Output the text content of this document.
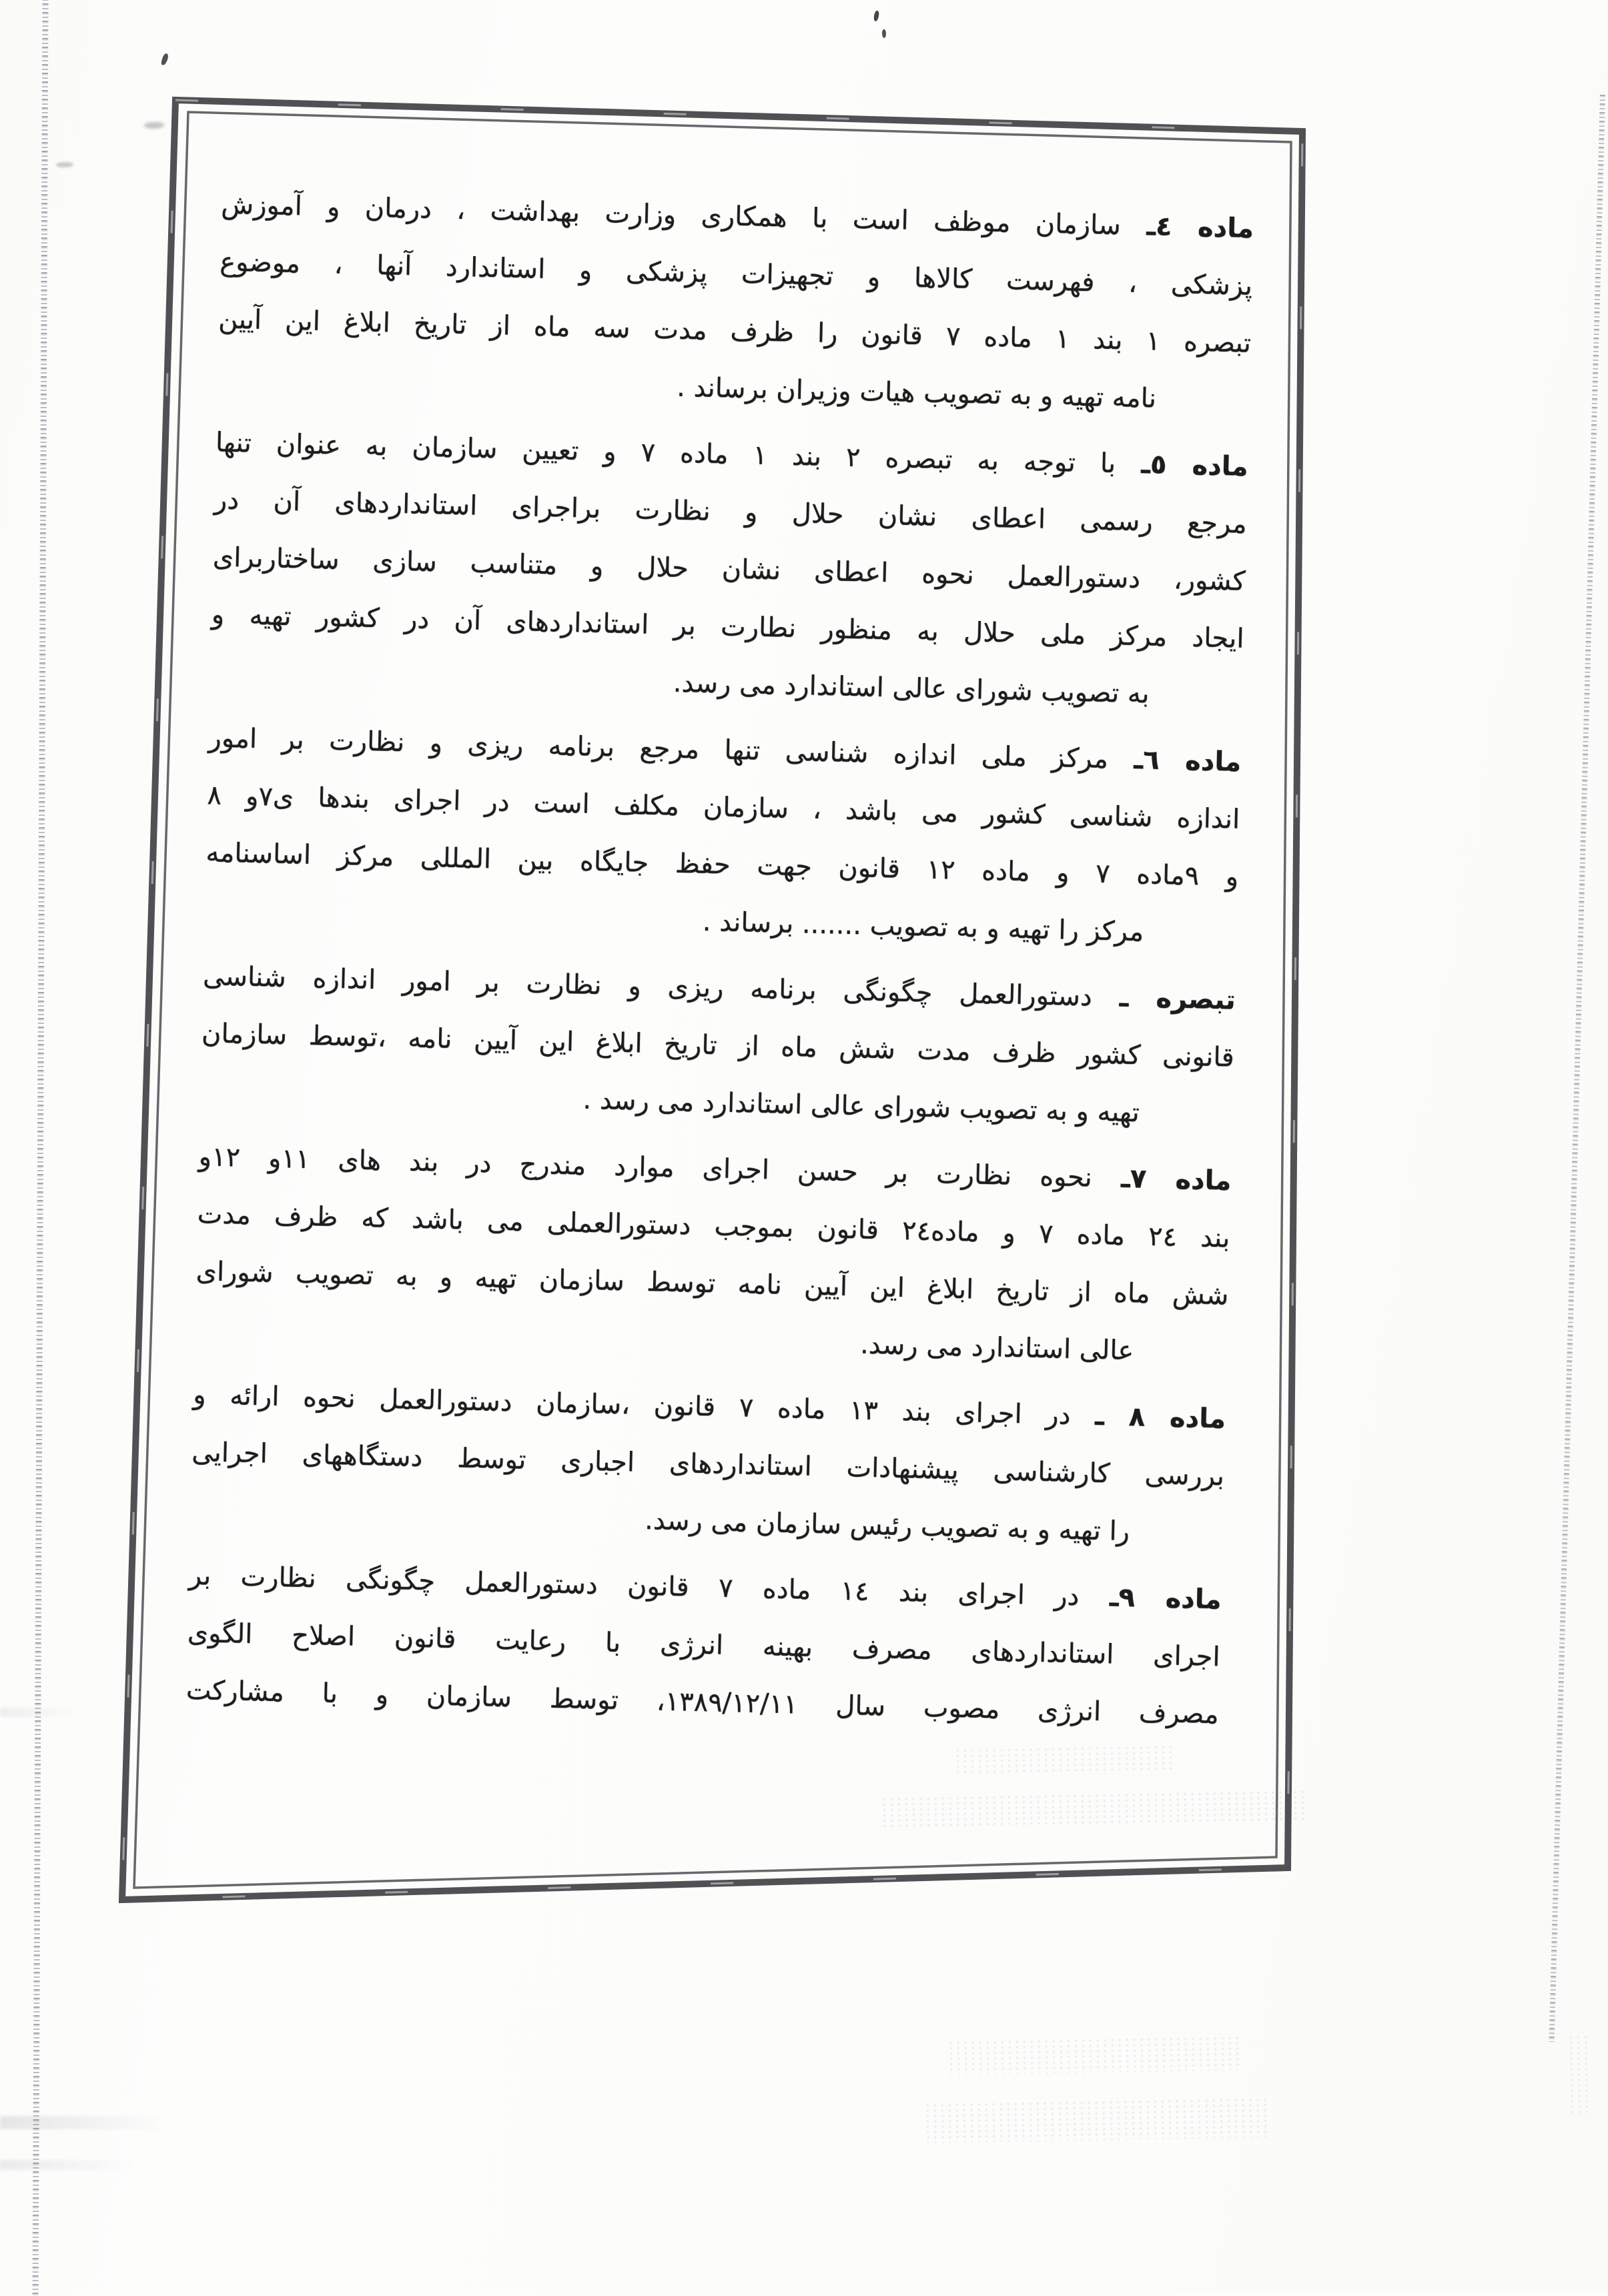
ماده ٤ـ سازمان موظف است با همکاری وزارت بهداشت ، درمان و آموزش
پزشکی ، فهرست کالاها و تجهیزات پزشکی و استاندارد آنها ، موضوع
تبصره ۱ بند ۱ ماده ۷ قانون را ظرف مدت سه ماه از تاریخ ابلاغ این آیین
نامه تهیه و به تصویب هیات وزیران برساند .
ماده ٥ـ با توجه به تبصره ۲ بند ۱ ماده ۷ و تعیین سازمان به عنوان تنها
مرجع رسمی اعطای نشان حلال و نظارت براجرای استانداردهای آن در
کشور، دستورالعمل نحوه اعطای نشان حلال و متناسب سازی ساختاربرای
ایجاد مرکز ملی حلال به منظور نطارت بر استانداردهای آن در کشور تهیه و
به تصویب شورای عالی استاندارد می رسد.
ماده ٦ـ مرکز ملی اندازه شناسی تنها مرجع برنامه ریزی و نظارت بر امور
اندازه شناسی کشور می باشد ، سازمان مکلف است در اجرای بندها ی۷و ۸
و ۹ماده ۷ و ماده ۱۲ قانون جهت حفظ جایگاه بین المللی مرکز اساسنامه
مرکز را تهیه و به تصویب ....... برساند .
تبصره ـ دستورالعمل چگونگی برنامه ریزی و نظارت بر امور اندازه شناسی
قانونی کشور ظرف مدت شش ماه از تاریخ ابلاغ این آیین نامه ،توسط سازمان
تهیه و به تصویب شورای عالی استاندارد می رسد .
ماده ۷ـ نحوه نظارت بر حسن اجرای موارد مندرج در بند های ۱۱و ۱۲و
بند ۲٤ ماده ۷ و ماده۲٤ قانون بموجب دستورالعملی می باشد که ظرف مدت
شش ماه از تاریخ ابلاغ این آیین نامه توسط سازمان تهیه و به تصویب شورای
عالی استاندارد می رسد.
ماده ۸ ـ در اجرای بند ۱۳ ماده ۷ قانون ،سازمان دستورالعمل نحوه ارائه و
بررسی کارشناسی پیشنهادات استانداردهای اجباری توسط دستگاههای اجرایی
را تهیه و به تصویب رئیس سازمان می رسد.
ماده ۹ـ در اجرای بند ۱٤ ماده ۷ قانون دستورالعمل چگونگی نظارت بر
اجرای استانداردهای مصرف بهینه انرژی با رعایت قانون اصلاح الگوی
مصرف انرژی مصوب سال ۱۳۸۹/۱۲/۱۱، توسط سازمان و با مشارکت
